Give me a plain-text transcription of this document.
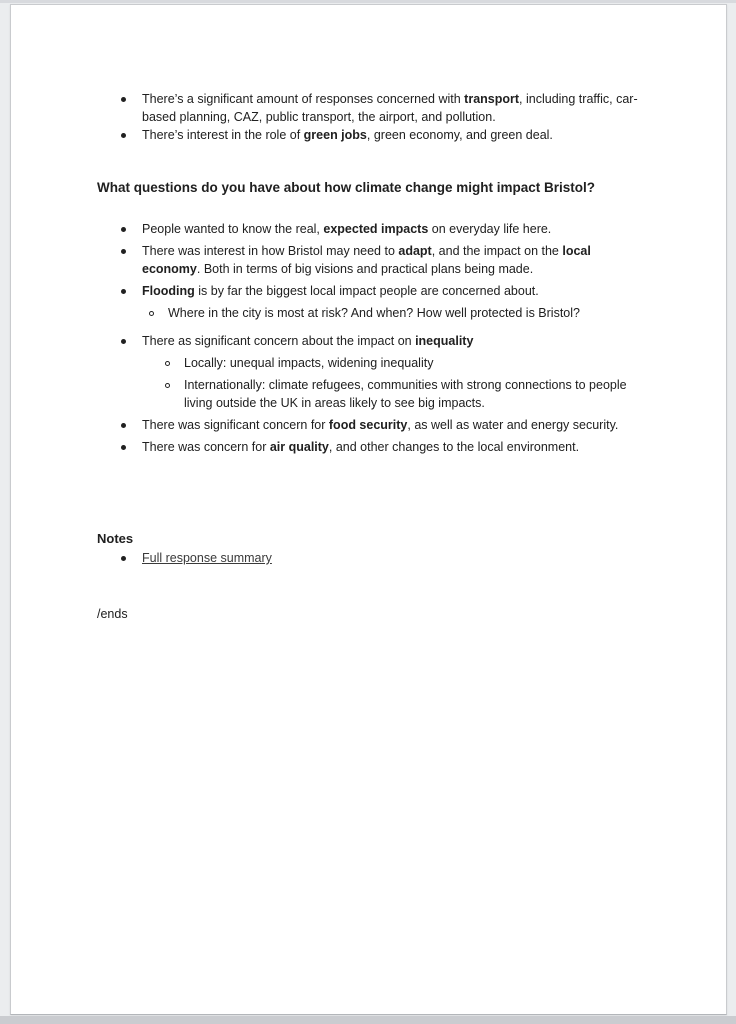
There’s a significant amount of responses concerned with transport, including traffic, car-based planning, CAZ, public transport, the airport, and pollution.
There’s interest in the role of green jobs, green economy, and green deal.
What questions do you have about how climate change might impact Bristol?
People wanted to know the real, expected impacts on everyday life here.
There was interest in how Bristol may need to adapt, and the impact on the local economy. Both in terms of big visions and practical plans being made.
Flooding is by far the biggest local impact people are concerned about.
Where in the city is most at risk? And when? How well protected is Bristol?
There as significant concern about the impact on inequality
Locally: unequal impacts, widening inequality
Internationally: climate refugees, communities with strong connections to people living outside the UK in areas likely to see big impacts.
There was significant concern for food security, as well as water and energy security.
There was concern for air quality, and other changes to the local environment.
Notes
Full response summary
/ends
